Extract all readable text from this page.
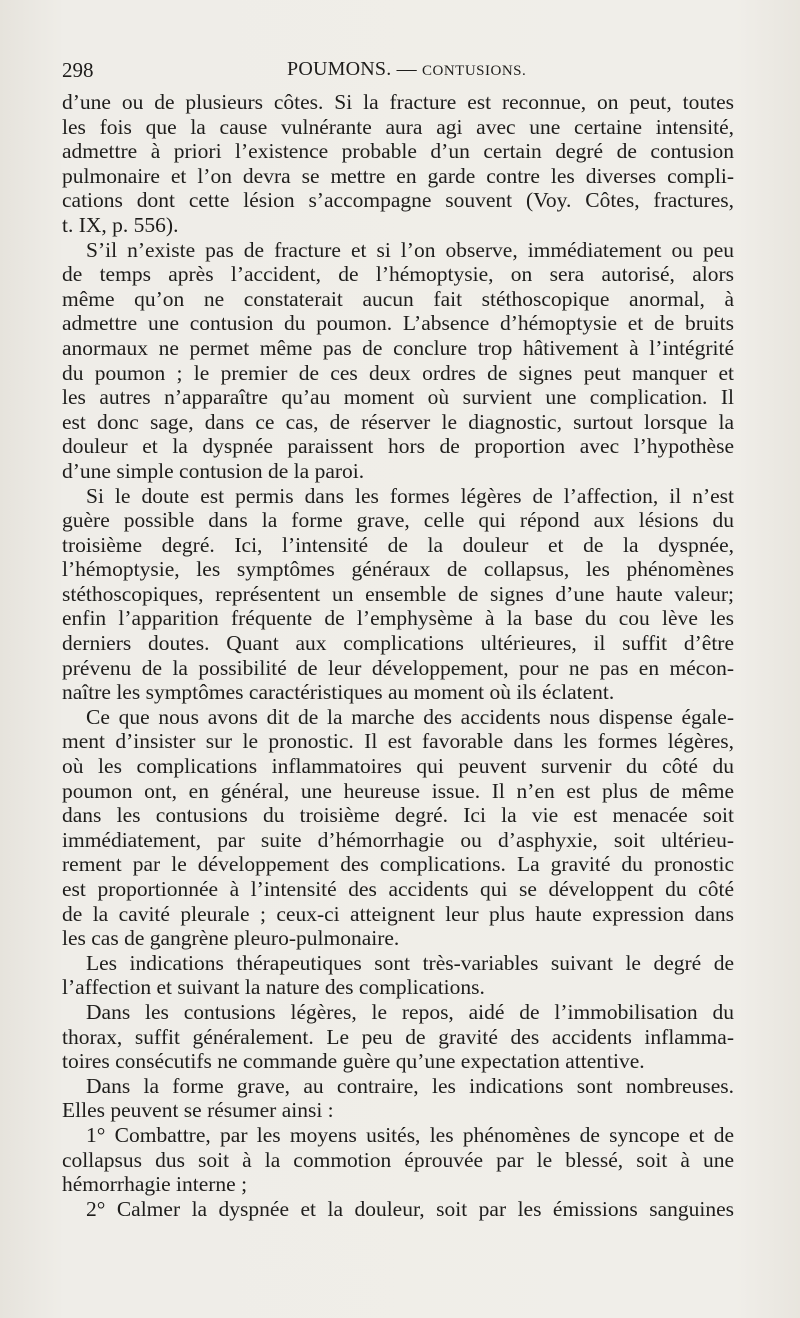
298	POUMONS. — CONTUSIONS.

d’une ou de plusieurs côtes. Si la fracture est reconnue, on peut, toutes
les fois que la cause vulnérante aura agi avec une certaine intensité,
admettre à priori l’existence probable d’un certain degré de contusion
pulmonaire et l’on devra se mettre en garde contre les diverses compli-
cations dont cette lésion s’accompagne souvent (Voy. Côtes, fractures,
t. IX, p. 556).

S’il n’existe pas de fracture et si l’on observe, immédiatement ou peu
de temps après l’accident, de l’hémoptysie, on sera autorisé, alors
même qu’on ne constaterait aucun fait stéthoscopique anormal, à
admettre une contusion du poumon. L’absence d’hémoptysie et de bruits
anormaux ne permet même pas de conclure trop hâtivement à l’intégrité
du poumon ; le premier de ces deux ordres de signes peut manquer et
les autres n’apparaître qu’au moment où survient une complication. Il
est donc sage, dans ce cas, de réserver le diagnostic, surtout lorsque la
douleur et la dyspnée paraissent hors de proportion avec l’hypothèse
d’une simple contusion de la paroi.

Si le doute est permis dans les formes légères de l’affection, il n’est
guère possible dans la forme grave, celle qui répond aux lésions du
troisième degré. Ici, l’intensité de la douleur et de la dyspnée,
l’hémoptysie, les symptômes généraux de collapsus, les phénomènes
stéthoscopiques, représentent un ensemble de signes d’une haute valeur;
enfin l’apparition fréquente de l’emphysème à la base du cou lève les
derniers doutes. Quant aux complications ultérieures, il suffit d’être
prévenu de la possibilité de leur développement, pour ne pas en mécon-
naître les symptômes caractéristiques au moment où ils éclatent.

Ce que nous avons dit de la marche des accidents nous dispense égale-
ment d’insister sur le pronostic. Il est favorable dans les formes légères,
où les complications inflammatoires qui peuvent survenir du côté du
poumon ont, en général, une heureuse issue. Il n’en est plus de même
dans les contusions du troisième degré. Ici la vie est menacée soit
immédiatement, par suite d’hémorrhagie ou d’asphyxie, soit ultérieu-
rement par le développement des complications. La gravité du pronostic
est proportionnée à l’intensité des accidents qui se développent du côté
de la cavité pleurale ; ceux-ci atteignent leur plus haute expression dans
les cas de gangrène pleuro-pulmonaire.

Les indications thérapeutiques sont très-variables suivant le degré de
l’affection et suivant la nature des complications.

Dans les contusions légères, le repos, aidé de l’immobilisation du
thorax, suffit généralement. Le peu de gravité des accidents inflamma-
toires consécutifs ne commande guère qu’une expectation attentive.

Dans la forme grave, au contraire, les indications sont nombreuses.
Elles peuvent se résumer ainsi :

1° Combattre, par les moyens usités, les phénomènes de syncope et de
collapsus dus soit à la commotion éprouvée par le blessé, soit à une
hémorrhagie interne ;

2° Calmer la dyspnée et la douleur, soit par les émissions sanguines
